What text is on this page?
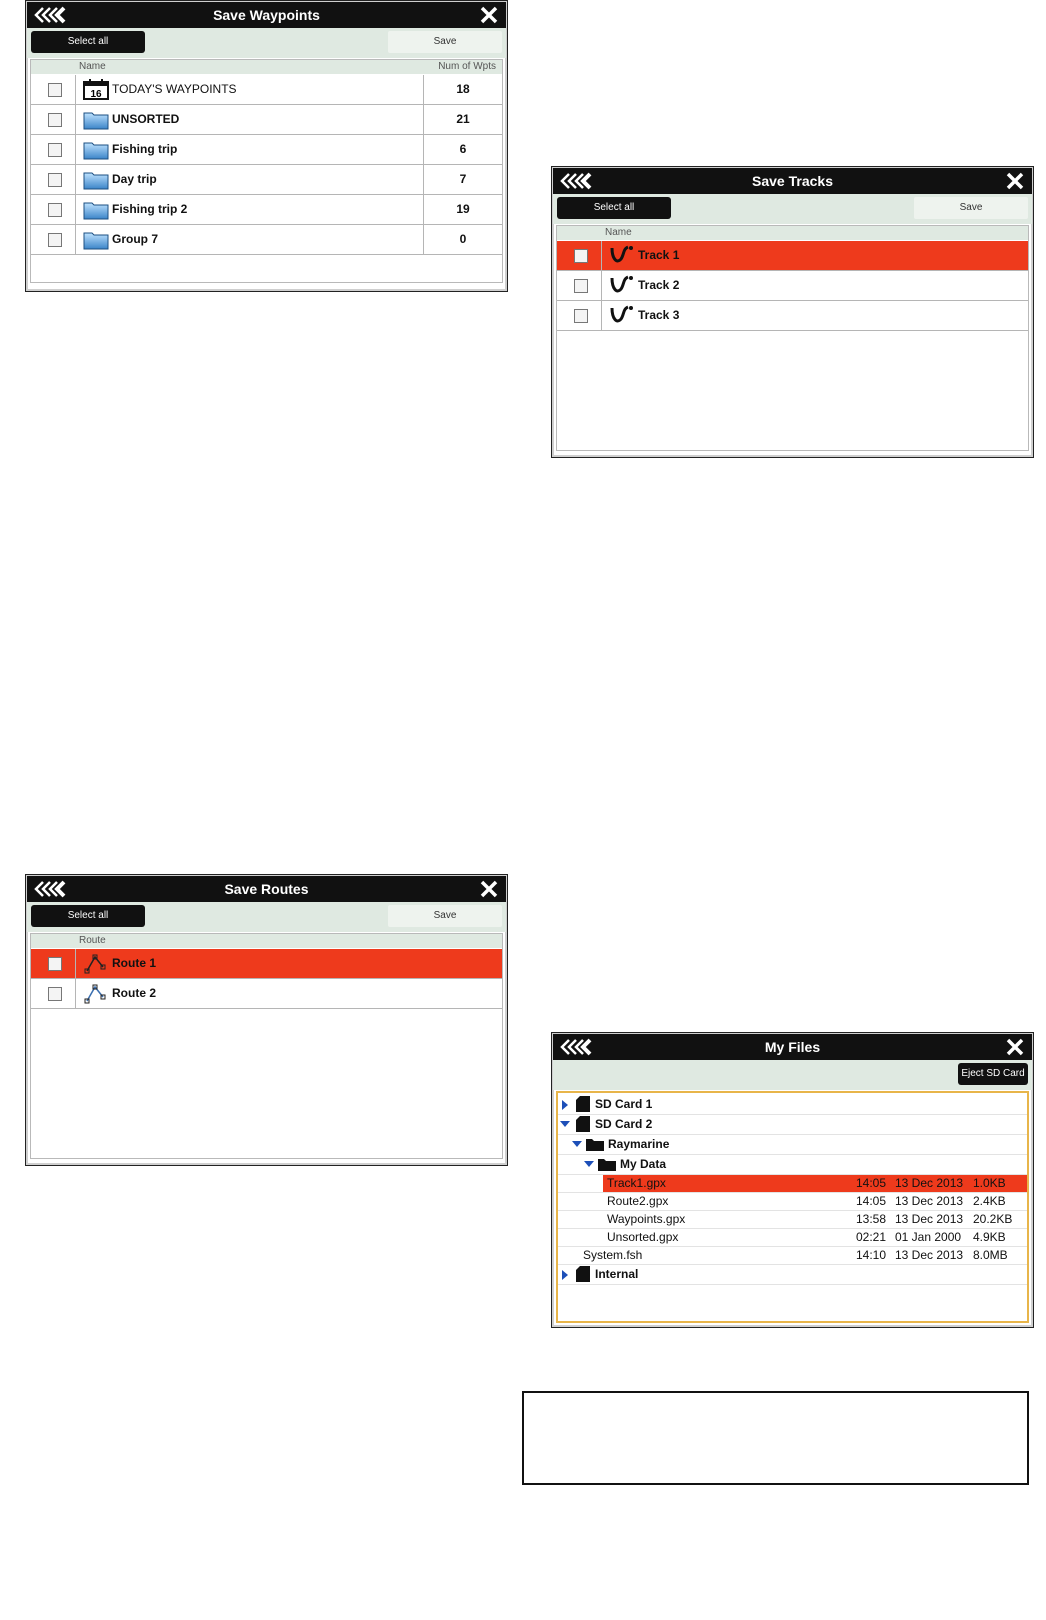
Save Waypoints
Select all	Save
Name	Num of Wpts
16 TODAY'S WAYPOINTS	18
UNSORTED	21
Fishing trip	6
Day trip	7
Fishing trip 2	19
Group 7	0
Save Tracks
Select all	Save
Name
Track 1
Track 2
Track 3
Save Routes
Select all	Save
Route
Route 1
Route 2
My Files
Eject SD Card
SD Card 1
SD Card 2
Raymarine
My Data
Track1.gpx	14:05 13 Dec 2013 1.0KB
Route2.gpx	14:05 13 Dec 2013 2.4KB
Waypoints.gpx	13:58 13 Dec 2013 20.2KB
Unsorted.gpx	02:21 01 Jan 2000 4.9KB
System.fsh	14:10 13 Dec 2013 8.0MB
Internal
